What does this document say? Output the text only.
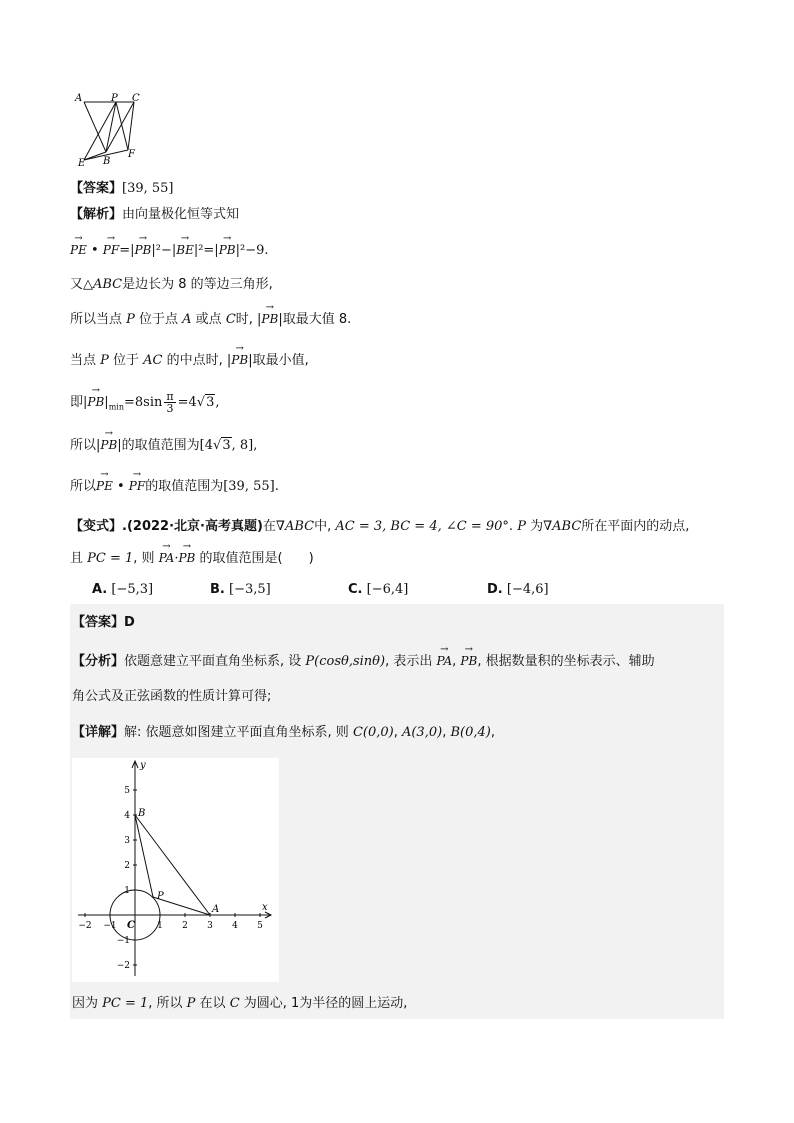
A	P C
E B
F
【答案】[39, 55]
【解析】由向量极化恒等式知
→ PE • → PF=|→ PB|²−|→ BE|²=|→ PB|²−9.
又△ABC是边长为 8 的等边三角形,
所以当点 P 位于点 A 或点 C时, |→ PB|取最大值 8.
当点 P 位于 AC 的中点时, |→ PB|取最小值,
即|→ $PB|_{min}=8\sin \frac{\pi}{3} =4√3$,
所以|→ PB|的取值范围为[4√3, 8],
所以→ PE • → PF的取值范围为[39, 55].
【变式】.(2022·北京·高考真题)在∇ABC中, AC = 3, BC = 4, ∠C = 90°. P 为∇ABC所在平面内的动点,
且 PC = 1, 则 → PA·→ PB 的取值范围是(　　)
A. [−5,3]	B. [−3,5]	C. [−6,4]	D. [−4,6]
【答案】D
【分析】依题意建立平面直角坐标系, 设 P(cosθ,sinθ), 表示出 → PA, → PB, 根据数量积的坐标表示、辅助
角公式及正弦函数的性质计算可得;
【详解】解: 依题意如图建立平面直角坐标系, 则 C(0,0), A(3,0), B(0,4),
x
y
−2 −1	1 2 3 4 5
5
4
3
2
1
−1
−2
B
P
A
C
因为 PC = 1, 所以 P 在以 C 为圆心, 1为半径的圆上运动,
